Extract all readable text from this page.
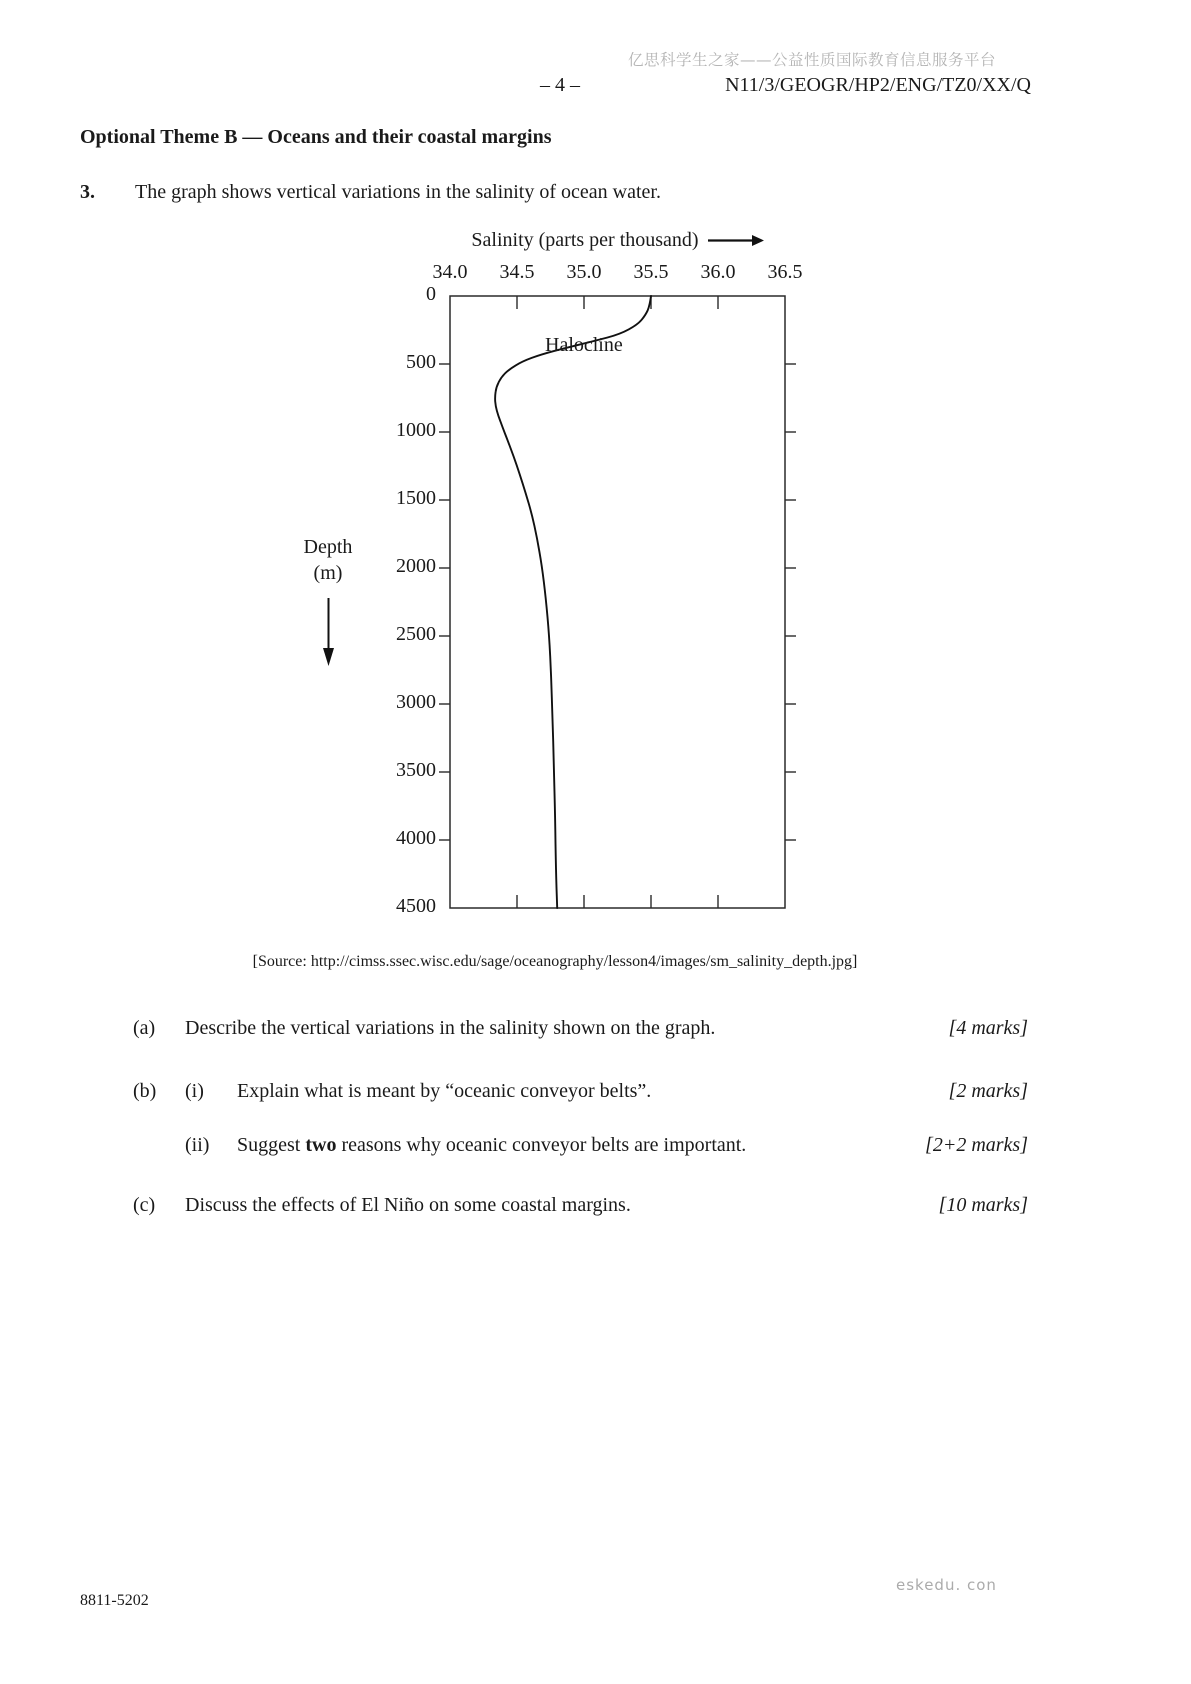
亿思科学生之家——公益性质国际教育信息服务平台
– 4 –	N11/3/GEOGR/HP2/ENG/TZ0/XX/Q
Optional Theme B — Oceans and their coastal margins
3. The graph shows vertical variations in the salinity of ocean water.
34.0	34.5	35.0	35.5	36.0	36.5
0
500
1000
1500
2000
2500
3000
3500
4000
4500
Salinity (parts per thousand)
Halocline
Depth
(m)
[Source: http://cimss.ssec.wisc.edu/sage/oceanography/lesson4/images/sm_salinity_depth.jpg]
(a) Describe the vertical variations in the salinity shown on the graph.	[4 marks]
(b) (i) Explain what is meant by “oceanic conveyor belts”.	[2 marks]
(ii) Suggest two reasons why oceanic conveyor belts are important.	[2+2 marks]
(c) Discuss the effects of El Niño on some coastal margins.	[10 marks]
8811-5202
eskedu. con
